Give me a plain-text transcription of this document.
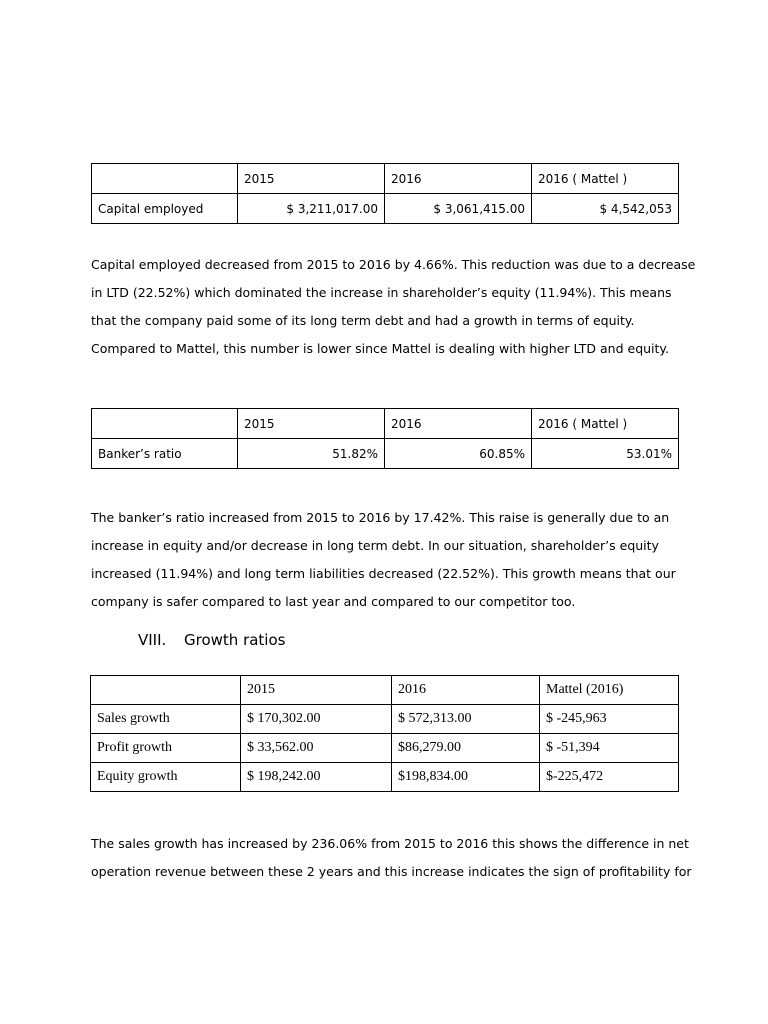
	2015	2016	2016 ( Mattel )
Capital employed	$ 3,211,017.00	$ 3,061,415.00	$ 4,542,053

Capital employed decreased from 2015 to 2016 by 4.66%. This reduction was due to a decrease
in LTD (22.52%) which dominated the increase in shareholder’s equity (11.94%). This means
that the company paid some of its long term debt and had a growth in terms of equity.
Compared to Mattel, this number is lower since Mattel is dealing with higher LTD and equity.

	2015	2016	2016 ( Mattel )
Banker’s ratio	51.82%	60.85%	53.01%

The banker’s ratio increased from 2015 to 2016 by 17.42%. This raise is generally due to an
increase in equity and/or decrease in long term debt. In our situation, shareholder’s equity
increased (11.94%) and long term liabilities decreased (22.52%). This growth means that our
company is safer compared to last year and compared to our competitor too.

VIII. Growth ratios
	2015	2016	Mattel (2016)
Sales growth	$ 170,302.00	$ 572,313.00	$ -245,963
Profit growth	$ 33,562.00	$86,279.00	$ -51,394
Equity growth	$ 198,242.00	$198,834.00	$-225,472

The sales growth has increased by 236.06% from 2015 to 2016 this shows the difference in net
operation revenue between these 2 years and this increase indicates the sign of profitability for
